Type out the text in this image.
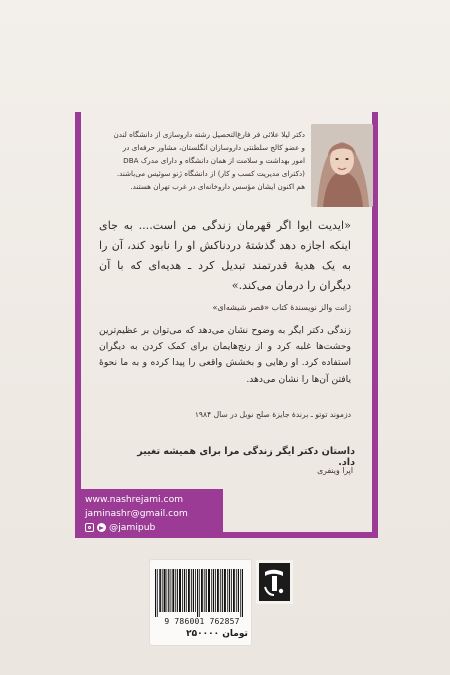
دکتر لیلا علائی فر فارغ‌التحصیل رشته داروسازی از دانشگاه لندن و عضو کالج سلطنتی داروسازان انگلستان، مشاور حرفه‌ای در امور بهداشت و سلامت از همان دانشگاه و دارای مدرک DBA (دکترای مدیریت کسب و کار) از دانشگاه ژنو سوئیس می‌باشند. هم اکنون ایشان مؤسس داروخانه‌ای در غرب تهران هستند.
«ایدیت ایوا اگر قهرمان زندگی من است.... به جای اینکه اجازه دهد گذشتهٔ دردناکش او را نابود کند، آن را به یک هدیهٔ قدرتمند تبدیل کرد ـ هدیه‌ای که با آن دیگران را درمان می‌کند.»
ژانت والز نویسندهٔ کتاب «قصر شیشه‌ای»
زندگی دکتر ایگر به وضوح نشان می‌دهد که می‌توان بر عظیم‌ترین وحشت‌ها غلبه کرد و از رنج‌هایمان برای کمک کردن به دیگران استفاده کرد. او رهایی و بخشش واقعی را پیدا کرده و به ما نحوهٔ یافتن آن‌ها را نشان می‌دهد.
دزموند توتو ـ برندهٔ جایزهٔ صلح نوبل در سال ۱۹۸۴
داستان دکتر ایگر زندگی مرا برای همیشه تغییر داد.
اپرا وینفری
www.nashrejami.com
jaminashr@gmail.com
@jamipub
9 786001 762857
۲۵۰۰۰۰ تومان
